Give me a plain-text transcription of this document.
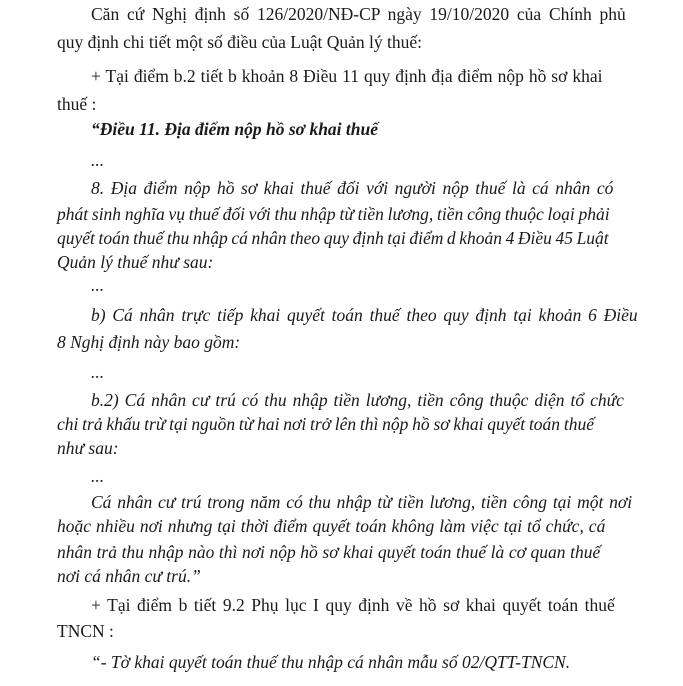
Căn cứ Nghị định số 126/2020/NĐ-CP ngày 19/10/2020 của Chính phủ

quy định chi tiết một số điều của Luật Quản lý thuế:

+ Tại điểm b.2 tiết b khoản 8 Điều 11 quy định địa điểm nộp hồ sơ khai

thuế :

“Điều 11. Địa điểm nộp hồ sơ khai thuế

...

8. Địa điểm nộp hồ sơ khai thuế đối với người nộp thuế là cá nhân có

phát sinh nghĩa vụ thuế đối với thu nhập từ tiền lương, tiền công thuộc loại phải

quyết toán thuế thu nhập cá nhân theo quy định tại điểm d khoản 4 Điều 45 Luật

Quản lý thuế như sau:

...

b) Cá nhân trực tiếp khai quyết toán thuế theo quy định tại khoản 6 Điều

8 Nghị định này bao gồm:

...

b.2) Cá nhân cư trú có thu nhập tiền lương, tiền công thuộc diện tổ chức

chi trả khấu trừ tại nguồn từ hai nơi trở lên thì nộp hồ sơ khai quyết toán thuế

như sau:

...

Cá nhân cư trú trong năm có thu nhập từ tiền lương, tiền công tại một nơi

hoặc nhiều nơi nhưng tại thời điểm quyết toán không làm việc tại tổ chức, cá

nhân trả thu nhập nào thì nơi nộp hồ sơ khai quyết toán thuế là cơ quan thuế

nơi cá nhân cư trú.”

+ Tại điểm b tiết 9.2 Phụ lục I quy định về hồ sơ khai quyết toán thuế

TNCN :

“- Tờ khai quyết toán thuế thu nhập cá nhân mẫu số 02/QTT-TNCN.
